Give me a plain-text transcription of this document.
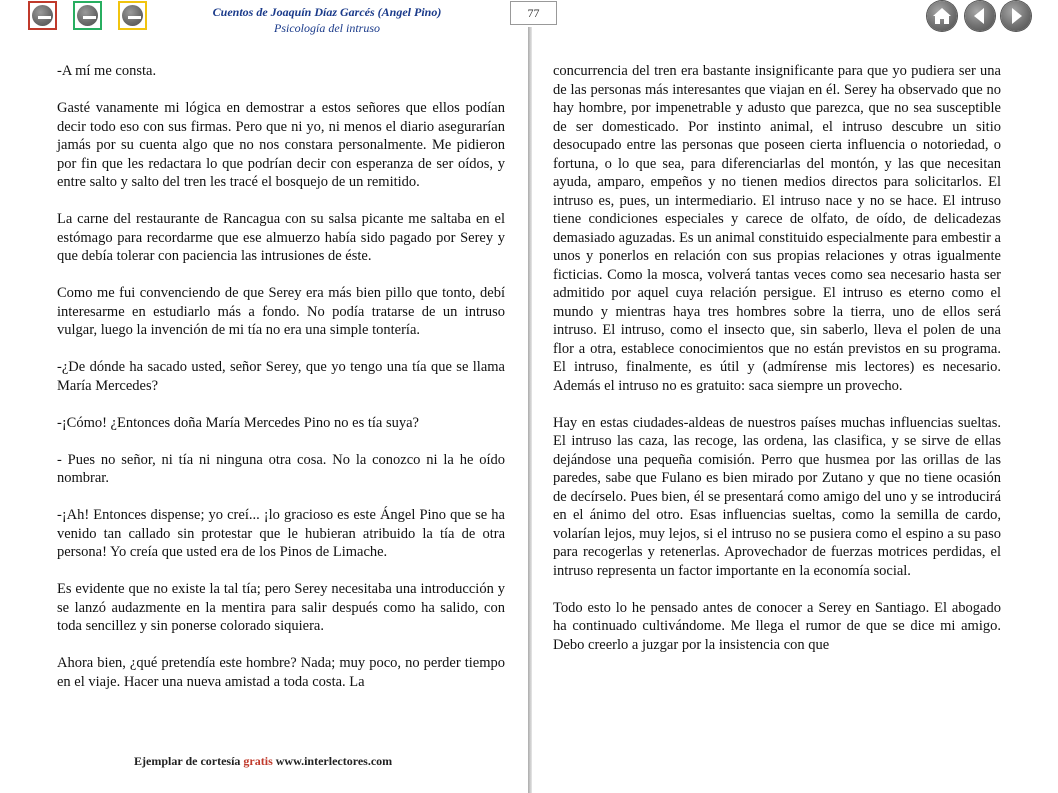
Cuentos de Joaquín Díaz Garcés (Angel Pino)
Psicología del intruso
77

-A mí me consta.

Gasté vanamente mi lógica en demostrar a estos señores que ellos podían decir todo eso con sus firmas. Pero que ni yo, ni menos el diario asegurarían jamás por su cuenta algo que no nos constara personalmente. Me pidieron por fin que les redactara lo que podrían decir con esperanza de ser oídos, y entre salto y salto del tren les tracé el bosquejo de un remitido.

La carne del restaurante de Rancagua con su salsa picante me saltaba en el estómago para recordarme que ese almuerzo había sido pagado por Serey y que debía tolerar con paciencia las intrusiones de éste.

Como me fui convenciendo de que Serey era más bien pillo que tonto, debí interesarme en estudiarlo más a fondo. No podía tratarse de un intruso vulgar, luego la invención de mi tía no era una simple tontería.

-¿De dónde ha sacado usted, señor Serey, que yo tengo una tía que se llama María Mercedes?

-¡Cómo! ¿Entonces doña María Mercedes Pino no es tía suya?

- Pues no señor, ni tía ni ninguna otra cosa. No la conozco ni la he oído nombrar.

-¡Ah! Entonces dispense; yo creí... ¡lo gracioso es este Ángel Pino que se ha venido tan callado sin protestar que le hubieran atribuido la tía de otra persona! Yo creía que usted era de los Pinos de Limache.

Es evidente que no existe la tal tía; pero Serey necesitaba una introducción y se lanzó audazmente en la mentira para salir después como ha salido, con toda sencillez y sin ponerse colorado siquiera.

Ahora bien, ¿qué pretendía este hombre? Nada; muy poco, no perder tiempo en el viaje. Hacer una nueva amistad a toda costa. La

concurrencia del tren era bastante insignificante para que yo pudiera ser una de las personas más interesantes que viajan en él. Serey ha observado que no hay hombre, por impenetrable y adusto que parezca, que no sea susceptible de ser domesticado. Por instinto animal, el intruso descubre un sitio desocupado entre las personas que poseen cierta influencia o notoriedad, o fortuna, o lo que sea, para diferenciarlas del montón, y las que necesitan ayuda, amparo, empeños y no tienen medios directos para solicitarlos. El intruso es, pues, un intermediario. El intruso nace y no se hace. El intruso tiene condiciones especiales y carece de olfato, de oído, de delicadezas demasiado aguzadas. Es un animal constituido especialmente para embestir a unos y ponerlos en relación con sus propias relaciones y otras igualmente ficticias. Como la mosca, volverá tantas veces como sea necesario hasta ser admitido por aquel cuya relación persigue. El intruso es eterno como el mundo y mientras haya tres hombres sobre la tierra, uno de ellos será intruso. El intruso, como el insecto que, sin saberlo, lleva el polen de una flor a otra, establece conocimientos que no están previstos en su programa. El intruso, finalmente, es útil y (admírense mis lectores) es necesario. Además el intruso no es gratuito: saca siempre un provecho.

Hay en estas ciudades-aldeas de nuestros países muchas influencias sueltas. El intruso las caza, las recoge, las ordena, las clasifica, y se sirve de ellas dejándose una pequeña comisión. Perro que husmea por las orillas de las paredes, sabe que Fulano es bien mirado por Zutano y que no tiene ocasión de decírselo. Pues bien, él se presentará como amigo del uno y se introducirá en el ánimo del otro. Esas influencias sueltas, como la semilla de cardo, volarían lejos, muy lejos, si el intruso no se pusiera como el espino a su paso para recogerlas y retenerlas. Aprovechador de fuerzas motrices perdidas, el intruso representa un factor importante en la economía social.

Todo esto lo he pensado antes de conocer a Serey en Santiago. El abogado ha continuado cultivándome. Me llega el rumor de que se dice mi amigo. Debo creerlo a juzgar por la insistencia con que

Ejemplar de cortesía gratis www.interlectores.com
